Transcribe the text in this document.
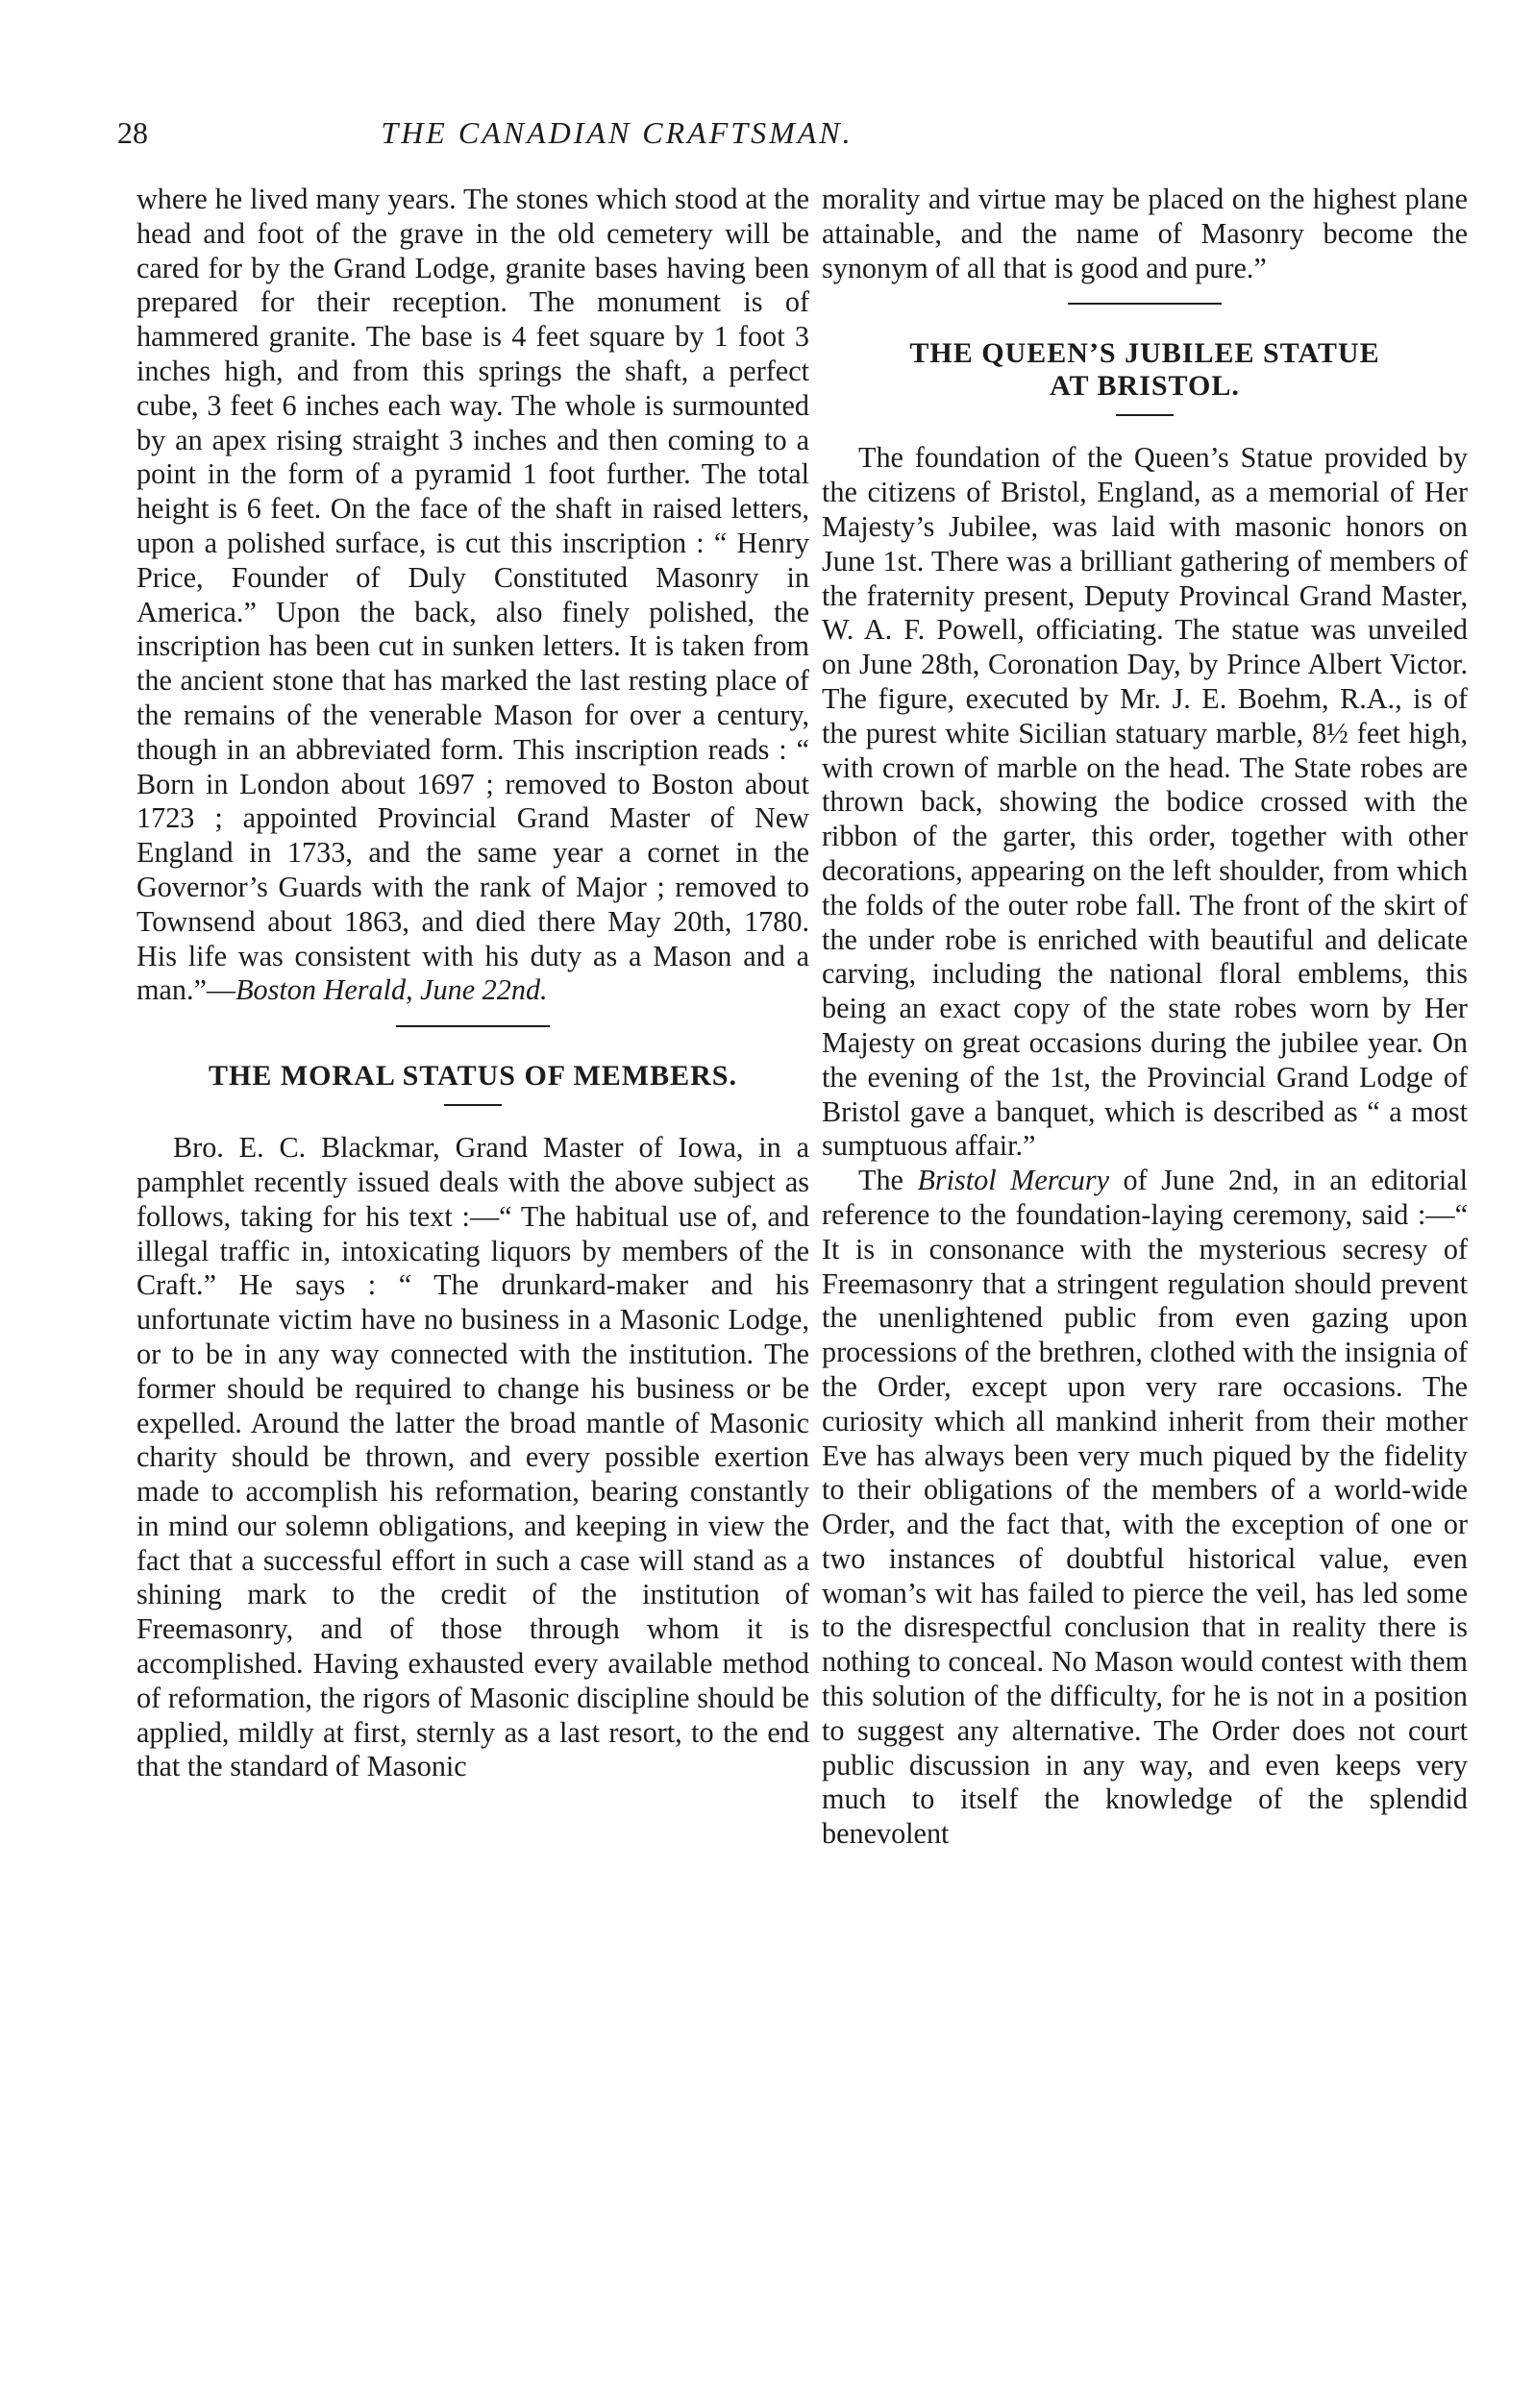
28	THE CANADIAN CRAFTSMAN.

where he lived many years. The stones which stood at the head and foot of the grave in the old cemetery will be cared for by the Grand Lodge, granite bases having been prepared for their reception. The monument is of hammered granite. The base is 4 feet square by 1 foot 3 inches high, and from this springs the shaft, a perfect cube, 3 feet 6 inches each way. The whole is surmounted by an apex rising straight 3 inches and then coming to a point in the form of a pyramid 1 foot further. The total height is 6 feet. On the face of the shaft in raised letters, upon a polished surface, is cut this inscription : “ Henry Price, Founder of Duly Constituted Masonry in America.” Upon the back, also finely polished, the inscription has been cut in sunken letters. It is taken from the ancient stone that has marked the last resting place of the remains of the venerable Mason for over a century, though in an abbreviated form. This inscription reads : “ Born in London about 1697 ; removed to Boston about 1723 ; appointed Provincial Grand Master of New England in 1733, and the same year a cornet in the Governor’s Guards with the rank of Major ; removed to Townsend about 1863, and died there May 20th, 1780. His life was consistent with his duty as a Mason and a man.”—Boston Herald, June 22nd.

THE MORAL STATUS OF MEMBERS.

Bro. E. C. Blackmar, Grand Master of Iowa, in a pamphlet recently issued deals with the above subject as follows, taking for his text :—“ The habitual use of, and illegal traffic in, intoxicating liquors by members of the Craft.” He says : “ The drunkard-maker and his unfortunate victim have no business in a Masonic Lodge, or to be in any way connected with the institution. The former should be required to change his business or be expelled. Around the latter the broad mantle of Masonic charity should be thrown, and every possible exertion made to accomplish his reformation, bearing constantly in mind our solemn obligations, and keeping in view the fact that a successful effort in such a case will stand as a shining mark to the credit of the institution of Freemasonry, and of those through whom it is accomplished. Having exhausted every available method of reformation, the rigors of Masonic discipline should be applied, mildly at first, sternly as a last resort, to the end that the standard of Masonic

morality and virtue may be placed on the highest plane attainable, and the name of Masonry become the synonym of all that is good and pure.”

THE QUEEN’S JUBILEE STATUE
AT BRISTOL.

The foundation of the Queen’s Statue provided by the citizens of Bristol, England, as a memorial of Her Majesty’s Jubilee, was laid with masonic honors on June 1st. There was a brilliant gathering of members of the fraternity present, Deputy Provincal Grand Master, W. A. F. Powell, officiating. The statue was unveiled on June 28th, Coronation Day, by Prince Albert Victor. The figure, executed by Mr. J. E. Boehm, R.A., is of the purest white Sicilian statuary marble, 8½ feet high, with crown of marble on the head. The State robes are thrown back, showing the bodice crossed with the ribbon of the garter, this order, together with other decorations, appearing on the left shoulder, from which the folds of the outer robe fall. The front of the skirt of the under robe is enriched with beautiful and delicate carving, including the national floral emblems, this being an exact copy of the state robes worn by Her Majesty on great occasions during the jubilee year. On the evening of the 1st, the Provincial Grand Lodge of Bristol gave a banquet, which is described as “ a most sumptuous affair.”

The Bristol Mercury of June 2nd, in an editorial reference to the foundation-laying ceremony, said :—“ It is in consonance with the mysterious secresy of Freemasonry that a stringent regulation should prevent the unenlightened public from even gazing upon processions of the brethren, clothed with the insignia of the Order, except upon very rare occasions. The curiosity which all mankind inherit from their mother Eve has always been very much piqued by the fidelity to their obligations of the members of a world-wide Order, and the fact that, with the exception of one or two instances of doubtful historical value, even woman’s wit has failed to pierce the veil, has led some to the disrespectful conclusion that in reality there is nothing to conceal. No Mason would contest with them this solution of the difficulty, for he is not in a position to suggest any alternative. The Order does not court public discussion in any way, and even keeps very much to itself the knowledge of the splendid benevolent
